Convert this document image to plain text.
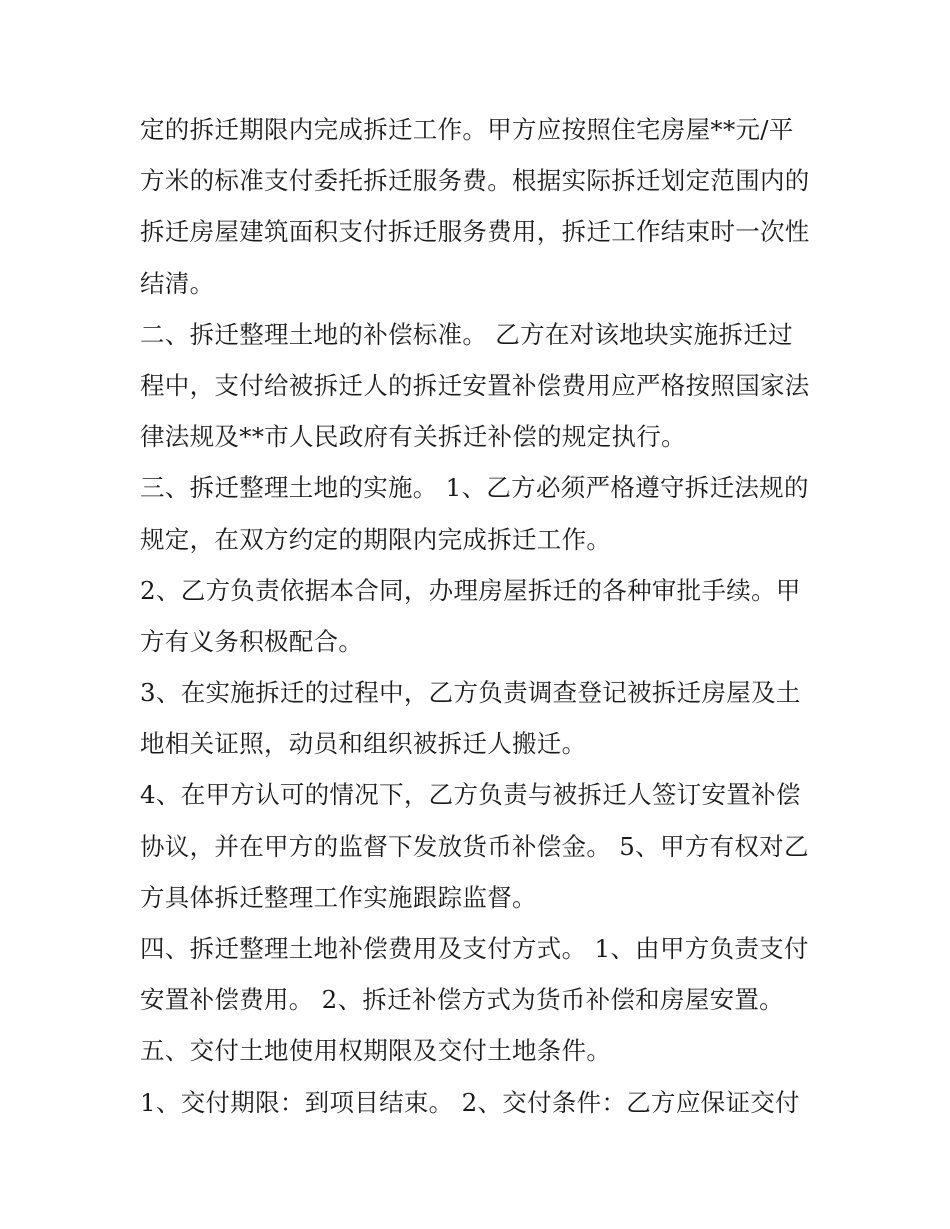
定的拆迁期限内完成拆迁工作。甲方应按照住宅房屋**元/平
方米的标准支付委托拆迁服务费。根据实际拆迁划定范围内的
拆迁房屋建筑面积支付拆迁服务费用，拆迁工作结束时一次性
结清。
二、拆迁整理土地的补偿标准。 乙方在对该地块实施拆迁过
程中，支付给被拆迁人的拆迁安置补偿费用应严格按照国家法
律法规及**市人民政府有关拆迁补偿的规定执行。
三、拆迁整理土地的实施。 1、乙方必须严格遵守拆迁法规的
规定，在双方约定的期限内完成拆迁工作。
2、乙方负责依据本合同，办理房屋拆迁的各种审批手续。甲
方有义务积极配合。
3、在实施拆迁的过程中，乙方负责调查登记被拆迁房屋及土
地相关证照，动员和组织被拆迁人搬迁。
4、在甲方认可的情况下，乙方负责与被拆迁人签订安置补偿
协议，并在甲方的监督下发放货币补偿金。 5、甲方有权对乙
方具体拆迁整理工作实施跟踪监督。
四、拆迁整理土地补偿费用及支付方式。 1、由甲方负责支付
安置补偿费用。 2、拆迁补偿方式为货币补偿和房屋安置。
五、交付土地使用权期限及交付土地条件。
1、交付期限：到项目结束。 2、交付条件：乙方应保证交付
